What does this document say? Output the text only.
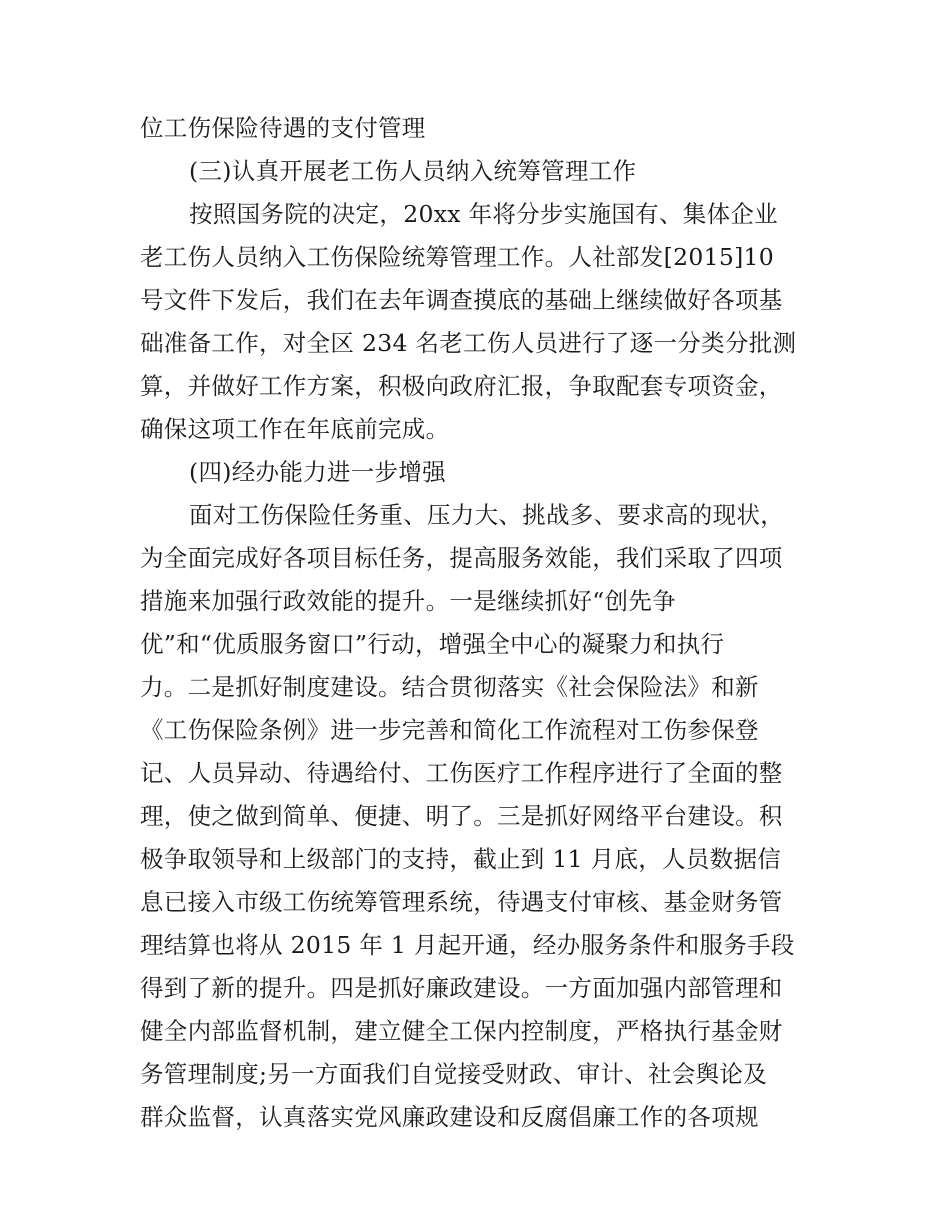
位工伤保险待遇的支付管理
(三)认真开展老工伤人员纳入统筹管理工作
按照国务院的决定，20xx 年将分步实施国有、集体企业
老工伤人员纳入工伤保险统筹管理工作。人社部发[2015]10
号文件下发后，我们在去年调查摸底的基础上继续做好各项基
础准备工作，对全区 234 名老工伤人员进行了逐一分类分批测
算，并做好工作方案，积极向政府汇报，争取配套专项资金，
确保这项工作在年底前完成。
(四)经办能力进一步增强
面对工伤保险任务重、压力大、挑战多、要求高的现状，
为全面完成好各项目标任务，提高服务效能，我们采取了四项
措施来加强行政效能的提升。一是继续抓好“创先争
优”和“优质服务窗口”行动，增强全中心的凝聚力和执行
力。二是抓好制度建设。结合贯彻落实《社会保险法》和新
《工伤保险条例》进一步完善和简化工作流程对工伤参保登
记、人员异动、待遇给付、工伤医疗工作程序进行了全面的整
理，使之做到简单、便捷、明了。三是抓好网络平台建设。积
极争取领导和上级部门的支持，截止到 11 月底，人员数据信
息已接入市级工伤统筹管理系统，待遇支付审核、基金财务管
理结算也将从 2015 年 1 月起开通，经办服务条件和服务手段
得到了新的提升。四是抓好廉政建设。一方面加强内部管理和
健全内部监督机制，建立健全工保内控制度，严格执行基金财
务管理制度;另一方面我们自觉接受财政、审计、社会舆论及
群众监督，认真落实党风廉政建设和反腐倡廉工作的各项规
